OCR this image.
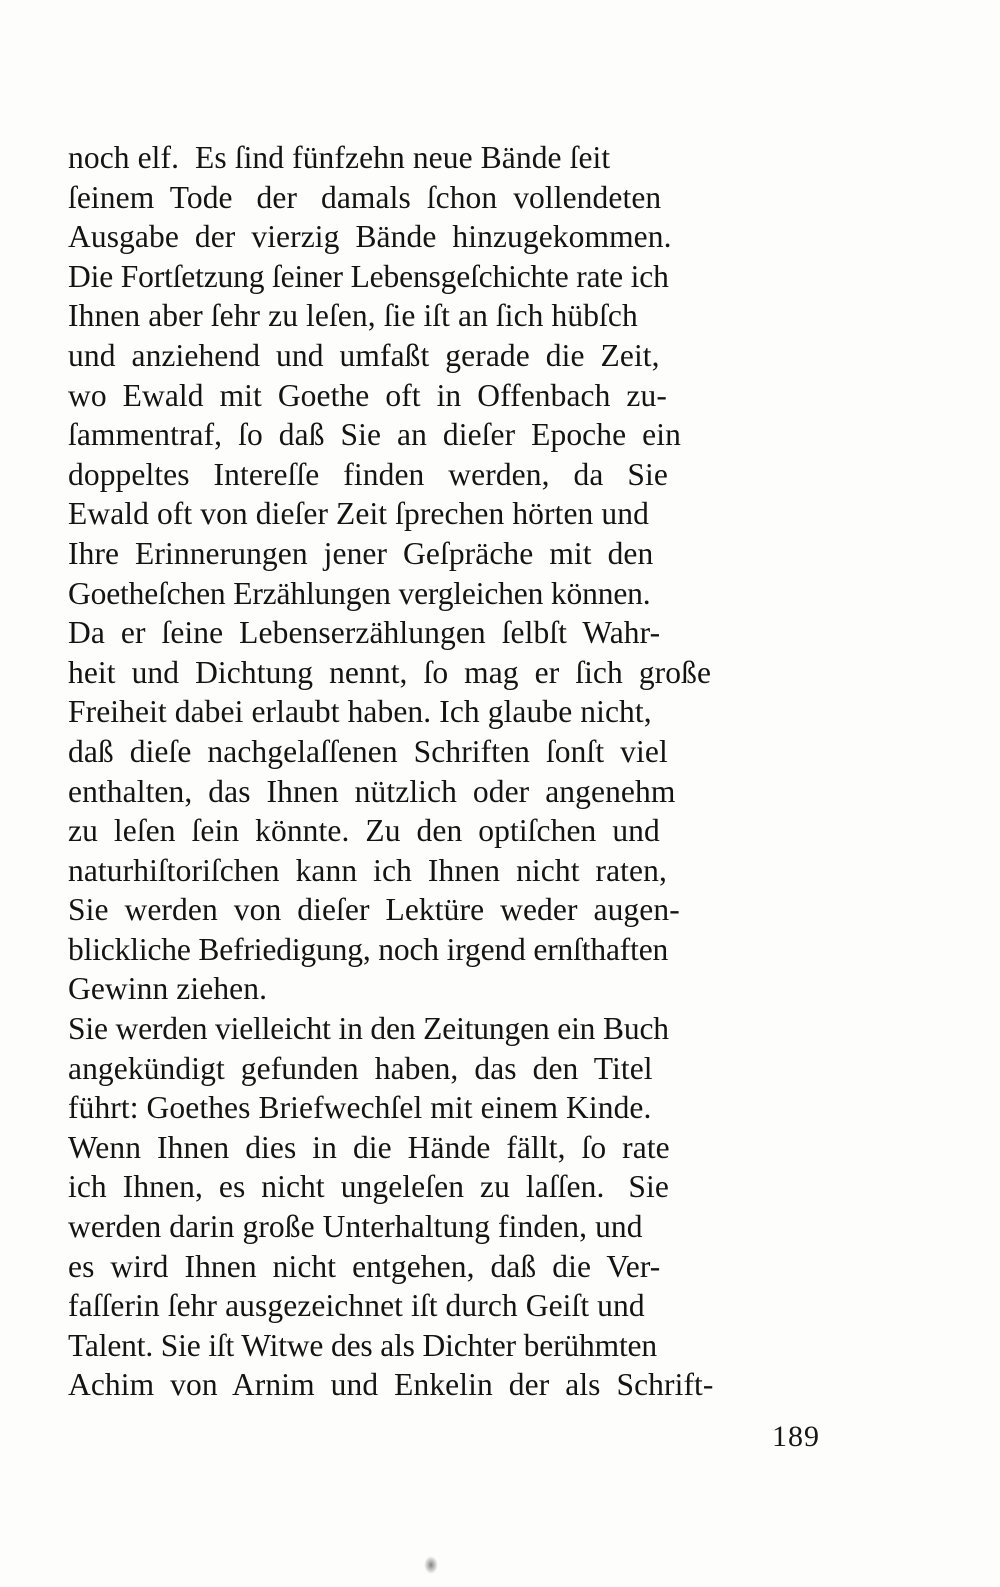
noch elf.  Es ſind fünfzehn neue Bände ſeit
ſeinem  Tode   der   damals  ſchon  vollendeten
Ausgabe  der  vierzig  Bände  hinzugekommen.
Die Fortſetzung ſeiner Lebensgeſchichte rate ich
Ihnen aber ſehr zu leſen, ſie iſt an ſich hübſch
und  anziehend  und  umfaßt  gerade  die  Zeit,
wo  Ewald  mit  Goethe  oft  in  Offenbach  zu-
ſammentraf,  ſo  daß  Sie  an  dieſer  Epoche  ein
doppeltes   Intereſſe   finden   werden,   da   Sie
Ewald oft von dieſer Zeit ſprechen hörten und
Ihre  Erinnerungen  jener  Geſpräche  mit  den
Goetheſchen Erzählungen vergleichen können.
Da  er  ſeine  Lebenserzählungen  ſelbſt  Wahr-
heit  und  Dichtung  nennt,  ſo  mag  er  ſich  große
Freiheit dabei erlaubt haben. Ich glaube nicht,
daß  dieſe  nachgelaſſenen  Schriften  ſonſt  viel
enthalten,  das  Ihnen  nützlich  oder  angenehm
zu  leſen  ſein  könnte.  Zu  den  optiſchen  und
naturhiſtoriſchen  kann  ich  Ihnen  nicht  raten,
Sie  werden  von  dieſer  Lektüre  weder  augen-
blickliche Befriedigung, noch irgend ernſthaften
Gewinn ziehen.
Sie werden vielleicht in den Zeitungen ein Buch
angekündigt  gefunden  haben,  das  den  Titel
führt: Goethes Briefwechſel mit einem Kinde.
Wenn  Ihnen  dies  in  die  Hände  fällt,  ſo  rate
ich  Ihnen,  es  nicht  ungeleſen  zu  laſſen.   Sie
werden darin große Unterhaltung finden, und
es  wird  Ihnen  nicht  entgehen,  daß  die  Ver-
faſſerin ſehr ausgezeichnet iſt durch Geiſt und
Talent. Sie iſt Witwe des als Dichter berühmten
Achim  von  Arnim  und  Enkelin  der  als  Schrift-
189
